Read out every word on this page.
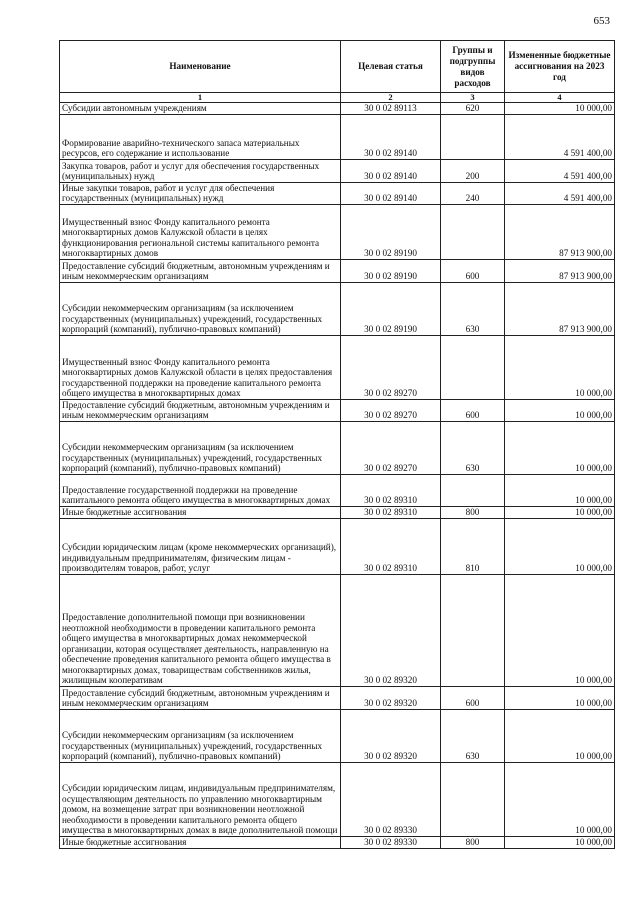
653
Наименование	Целевая статья	Группы и подгруппы видов расходов	Измененные бюджетные ассигнования на 2023 год
1	2	3	4
Субсидии автономным учреждениям	30 0 02 89113	620	10 000,00
Формирование аварийно-технического запаса материальных ресурсов, его содержание и использование	30 0 02 89140		4 591 400,00
Закупка товаров, работ и услуг для обеспечения государственных (муниципальных) нужд	30 0 02 89140	200	4 591 400,00
Иные закупки товаров, работ и услуг для обеспечения государственных (муниципальных) нужд	30 0 02 89140	240	4 591 400,00
Имущественный взнос Фонду капитального ремонта многоквартирных домов Калужской области в целях функционирования региональной системы капитального ремонта многоквартирных домов	30 0 02 89190		87 913 900,00
Предоставление субсидий бюджетным, автономным учреждениям и иным некоммерческим организациям	30 0 02 89190	600	87 913 900,00
Субсидии некоммерческим организациям (за исключением государственных (муниципальных) учреждений, государственных корпораций (компаний), публично-правовых компаний)	30 0 02 89190	630	87 913 900,00
Имущественный взнос Фонду капитального ремонта многоквартирных домов Калужской области в целях предоставления государственной поддержки на проведение капитального ремонта общего имущества в многоквартирных домах	30 0 02 89270		10 000,00
Предоставление субсидий бюджетным, автономным учреждениям и иным некоммерческим организациям	30 0 02 89270	600	10 000,00
Субсидии некоммерческим организациям (за исключением государственных (муниципальных) учреждений, государственных корпораций (компаний), публично-правовых компаний)	30 0 02 89270	630	10 000,00
Предоставление государственной поддержки на проведение капитального ремонта общего имущества в многоквартирных домах	30 0 02 89310		10 000,00
Иные бюджетные ассигнования	30 0 02 89310	800	10 000,00
Субсидии юридическим лицам (кроме некоммерческих организаций), индивидуальным предпринимателям, физическим лицам - производителям товаров, работ, услуг	30 0 02 89310	810	10 000,00
Предоставление дополнительной помощи при возникновении неотложной необходимости в проведении капитального ремонта общего имущества в многоквартирных домах некоммерческой организации, которая осуществляет деятельность, направленную на обеспечение проведения капитального ремонта общего имущества в многоквартирных домах, товариществам собственников жилья, жилищным кооперативам	30 0 02 89320		10 000,00
Предоставление субсидий бюджетным, автономным учреждениям и иным некоммерческим организациям	30 0 02 89320	600	10 000,00
Субсидии некоммерческим организациям (за исключением государственных (муниципальных) учреждений, государственных корпораций (компаний), публично-правовых компаний)	30 0 02 89320	630	10 000,00
Субсидии юридическим лицам, индивидуальным предпринимателям, осуществляющим деятельность по управлению многоквартирным домом, на возмещение затрат при возникновении неотложной необходимости в проведении капитального ремонта общего имущества в многоквартирных домах в виде дополнительной помощи	30 0 02 89330		10 000,00
Иные бюджетные ассигнования	30 0 02 89330	800	10 000,00
